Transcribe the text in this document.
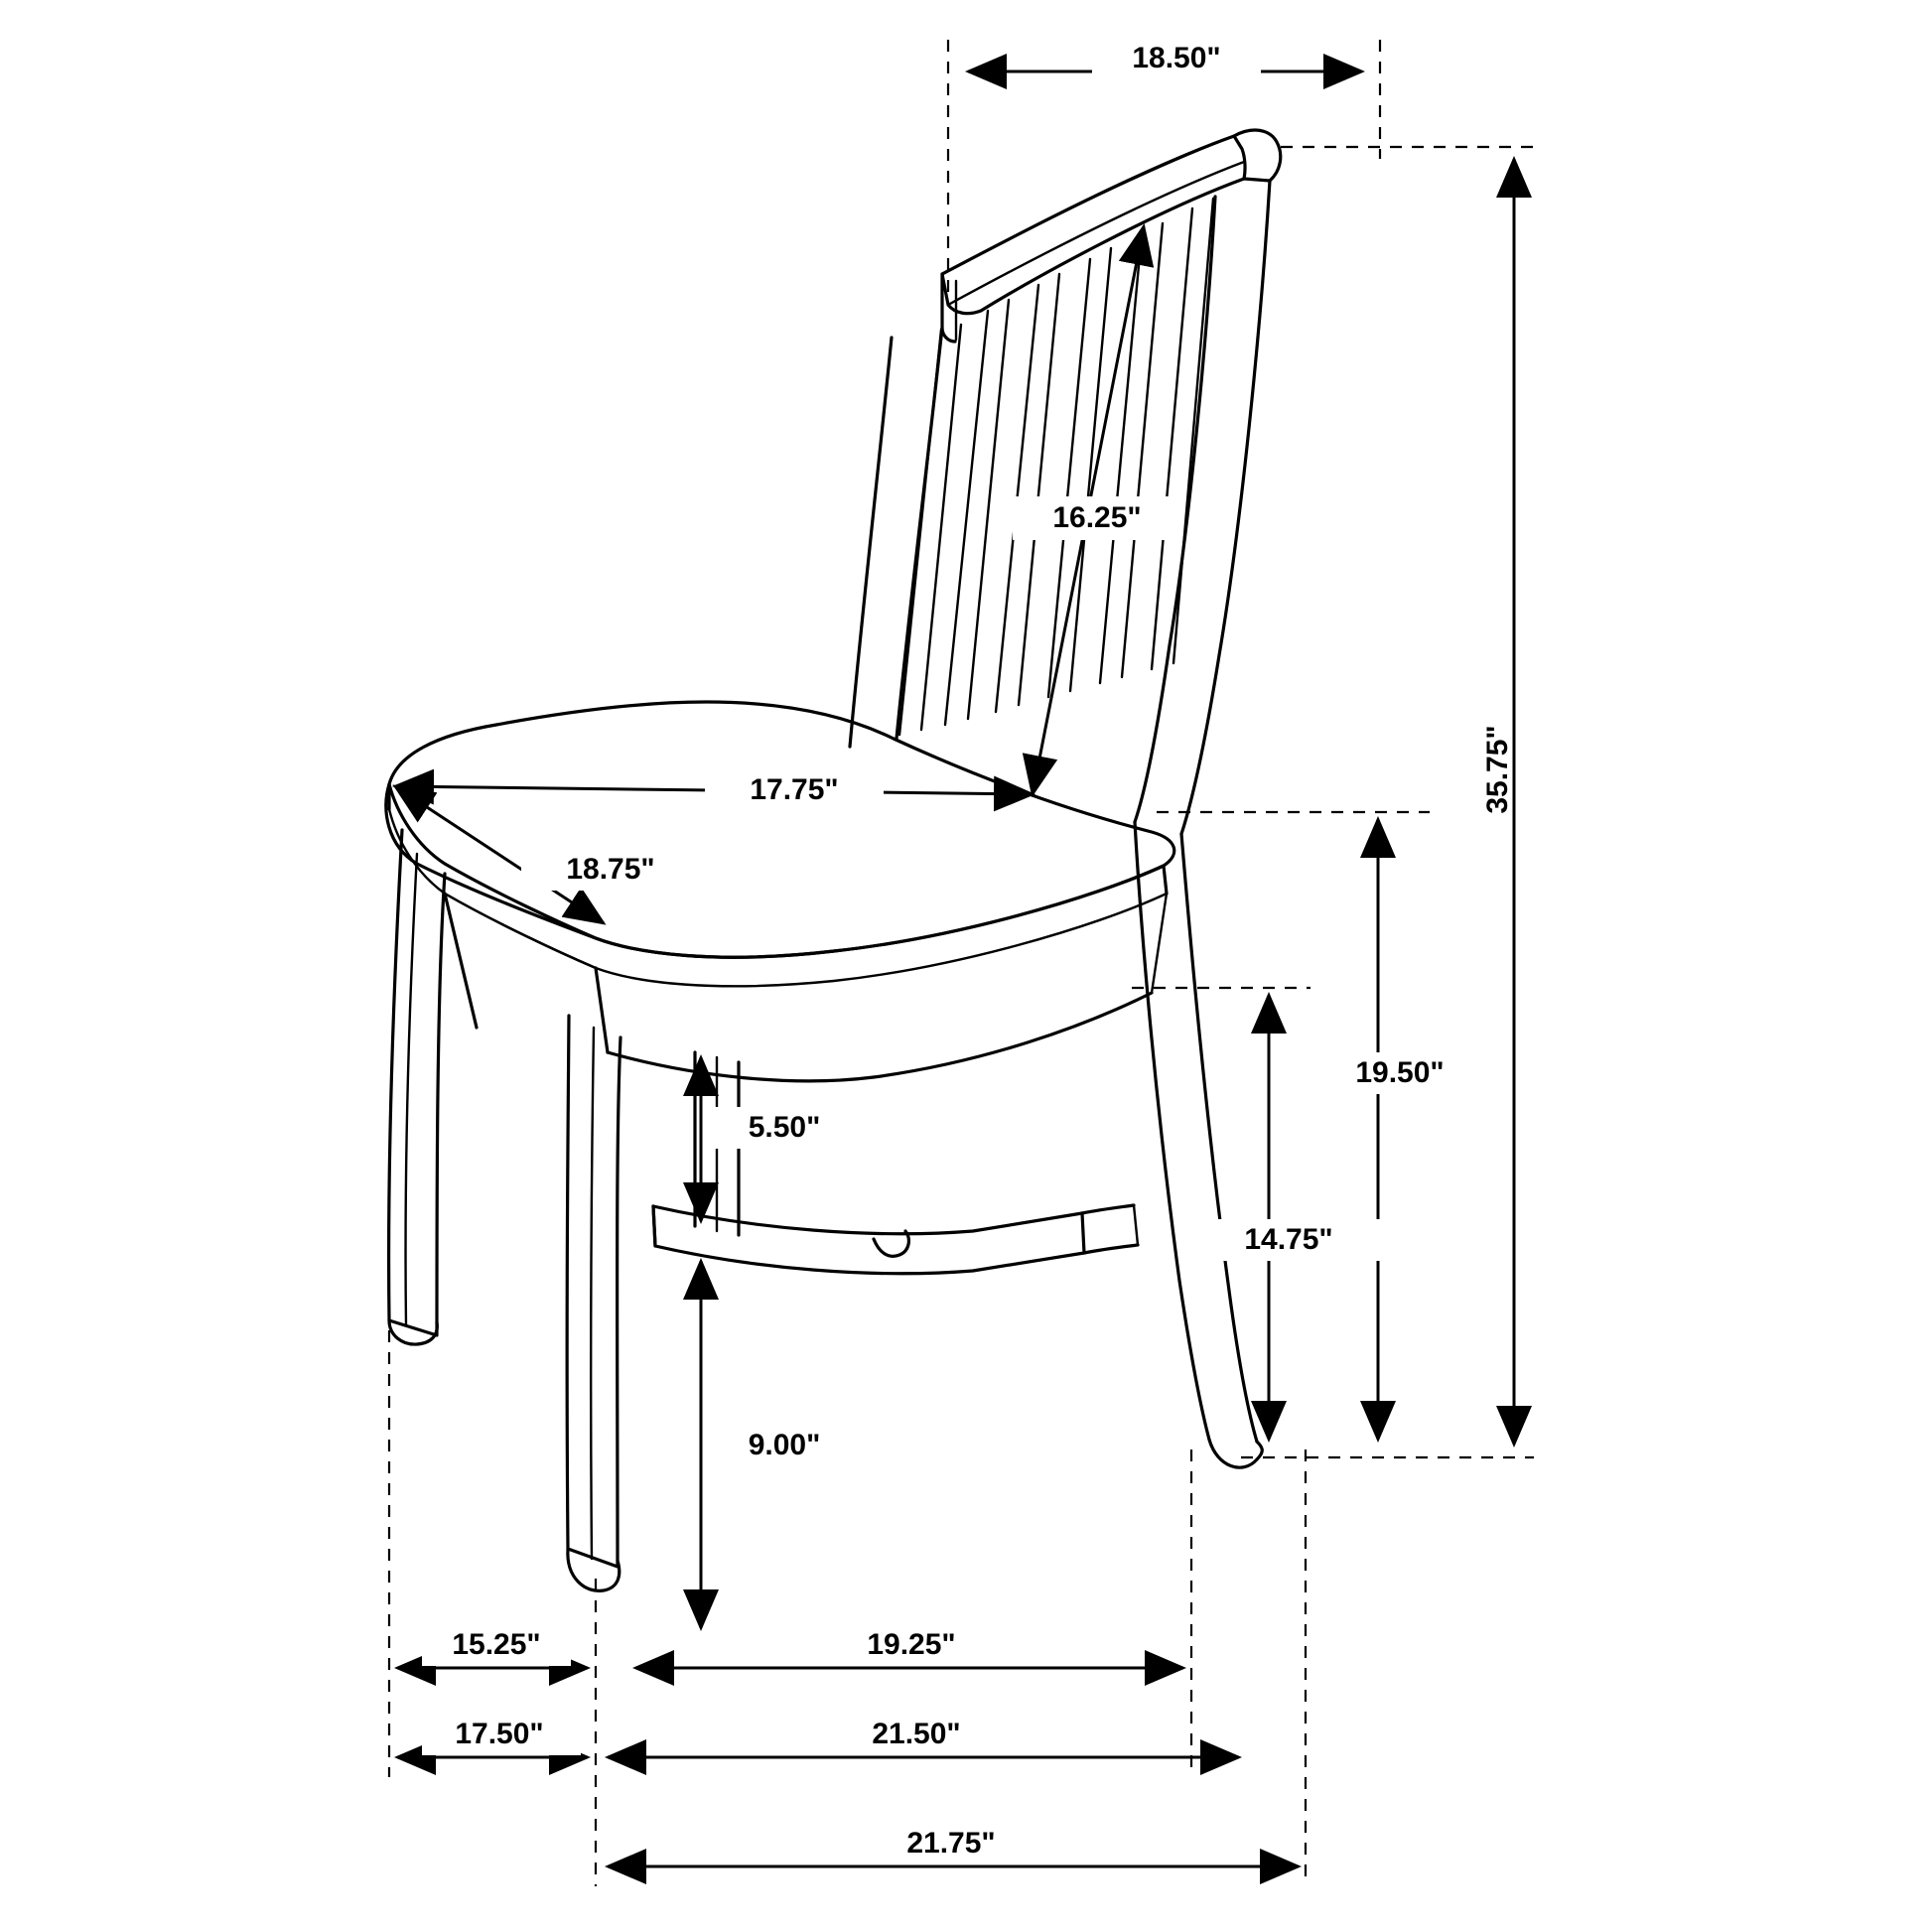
18.50"
35.75"
16.25"
17.75"
18.75"
5.50"
19.50"
14.75"
9.00"
15.25"	19.25"
17.50"	21.50"
21.75"
